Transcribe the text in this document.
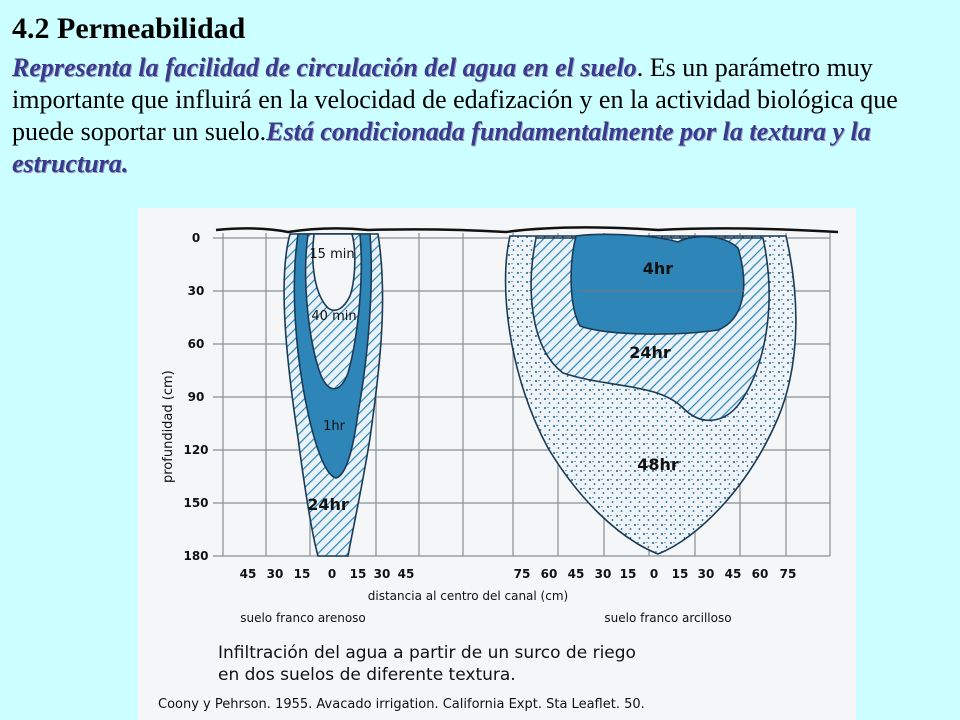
4.2 Permeabilidad

Representa la facilidad de circulación del agua en el suelo. Es un parámetro muy importante que influirá en la velocidad de edafización y en la actividad biológica que puede soportar un suelo.Está condicionada fundamentalmente por la textura y la estructura.

profundidad (cm)
0
30
60
90
120
150
180
45 30 15 0 15 30 45	75 60 45 30 15 0 15 30 45 60 75
distancia al centro del canal (cm)
suelo franco arenoso	suelo franco arcilloso
15 min
40 min
1hr
24hr
4hr
24hr
48hr
Infiltración del agua a partir de un surco de riego
en dos suelos de diferente textura.
Coony y Pehrson. 1955. Avacado irrigation. California Expt. Sta Leaflet. 50.
